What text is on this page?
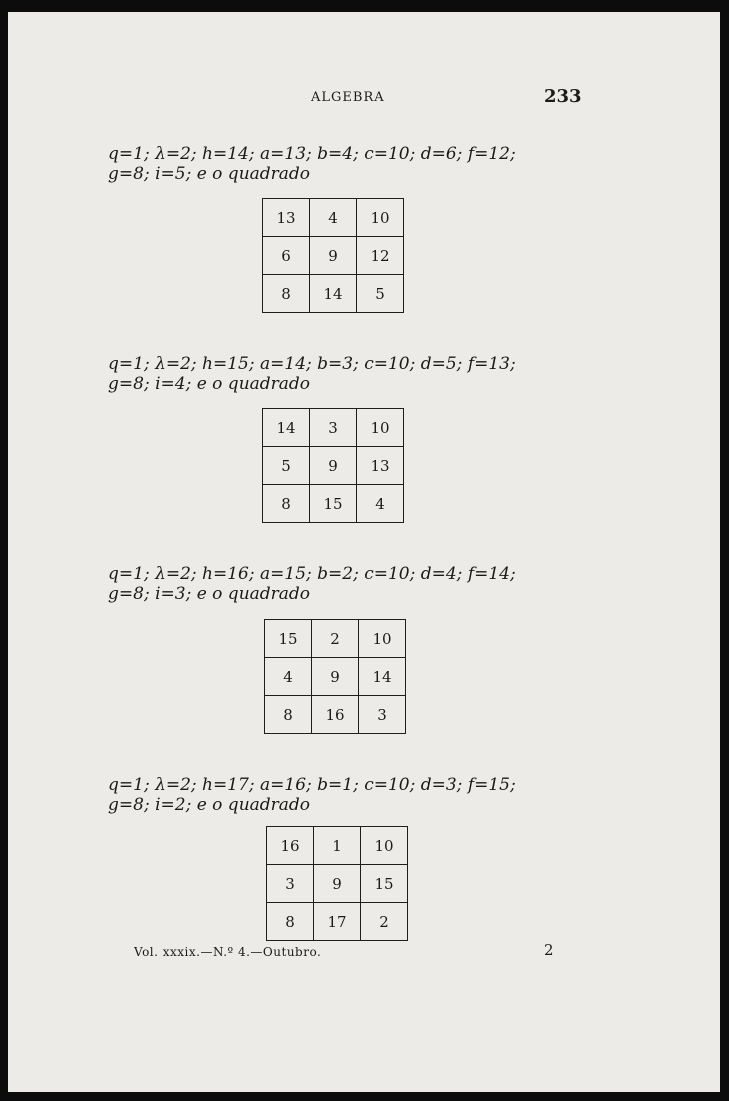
ALGEBRA	233
q=1; λ=2; h=14; a=13; b=4; c=10; d=6; f=12;
g=8; i=5; e o quadrado
13	4	10
6	9	12
8	14	5
q=1; λ=2; h=15; a=14; b=3; c=10; d=5; f=13;
g=8; i=4; e o quadrado
14	3	10
5	9	13
8	15	4
q=1; λ=2; h=16; a=15; b=2; c=10; d=4; f=14;
g=8; i=3; e o quadrado
15	2	10
4	9	14
8	16	3
q=1; λ=2; h=17; a=16; b=1; c=10; d=3; f=15;
g=8; i=2; e o quadrado
16	1	10
3	9	15
8	17	2
Vol. xxxix.—N.º 4.—Outubro.	2
